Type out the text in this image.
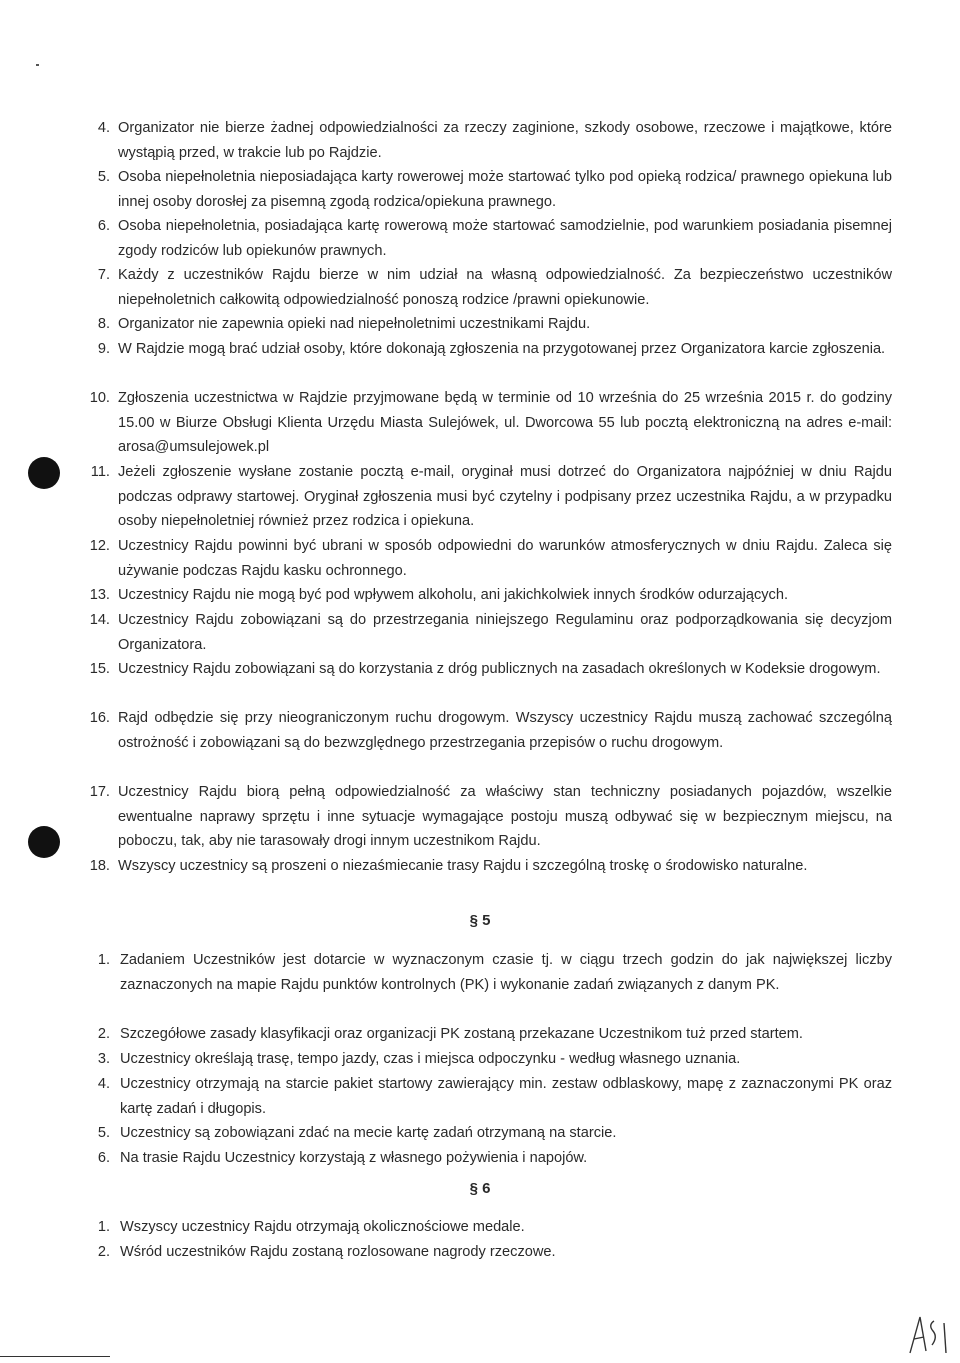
4. Organizator nie bierze żadnej odpowiedzialności za rzeczy zaginione, szkody osobowe, rzeczowe i majątkowe, które wystąpią przed, w trakcie lub po Rajdzie.
5. Osoba niepełnoletnia nieposiadająca karty rowerowej może startować tylko pod opieką rodzica/ prawnego opiekuna lub innej osoby dorosłej za pisemną zgodą rodzica/opiekuna prawnego.
6. Osoba niepełnoletnia, posiadająca kartę rowerową może startować samodzielnie, pod warunkiem posiadania pisemnej zgody rodziców lub opiekunów prawnych.
7. Każdy z uczestników Rajdu bierze w nim udział na własną odpowiedzialność. Za bezpieczeństwo uczestników niepełnoletnich całkowitą odpowiedzialność ponoszą rodzice /prawni opiekunowie.
8. Organizator nie zapewnia opieki nad niepełnoletnimi uczestnikami Rajdu.
9. W Rajdzie mogą brać udział osoby, które dokonają zgłoszenia na przygotowanej przez Organizatora karcie zgłoszenia.
10. Zgłoszenia uczestnictwa w Rajdzie przyjmowane będą w terminie od 10 września do 25 września 2015 r. do godziny 15.00 w Biurze Obsługi Klienta Urzędu Miasta Sulejówek, ul. Dworcowa 55 lub pocztą elektroniczną na adres e-mail: arosa@umsulejowek.pl
11. Jeżeli zgłoszenie wysłane zostanie pocztą e-mail, oryginał musi dotrzeć do Organizatora najpóźniej w dniu Rajdu podczas odprawy startowej. Oryginał zgłoszenia musi być czytelny i podpisany przez uczestnika Rajdu, a w przypadku osoby niepełnoletniej również przez rodzica i opiekuna.
12. Uczestnicy Rajdu powinni być ubrani w sposób odpowiedni do warunków atmosferycznych w dniu Rajdu. Zaleca się używanie podczas Rajdu kasku ochronnego.
13. Uczestnicy Rajdu nie mogą być pod wpływem alkoholu, ani jakichkolwiek innych środków odurzających.
14. Uczestnicy Rajdu zobowiązani są do przestrzegania niniejszego Regulaminu oraz podporządkowania się decyzjom Organizatora.
15. Uczestnicy Rajdu zobowiązani są do korzystania z dróg publicznych na zasadach określonych w Kodeksie drogowym.
16. Rajd odbędzie się przy nieograniczonym ruchu drogowym. Wszyscy uczestnicy Rajdu muszą zachować szczególną ostrożność i zobowiązani są do bezwzględnego przestrzegania przepisów o ruchu drogowym.
17. Uczestnicy Rajdu biorą pełną odpowiedzialność za właściwy stan techniczny posiadanych pojazdów, wszelkie ewentualne naprawy sprzętu i inne sytuacje wymagające postoju muszą odbywać się w bezpiecznym miejscu, na poboczu, tak, aby nie tarasowały drogi innym uczestnikom Rajdu.
18. Wszyscy uczestnicy są proszeni o niezaśmiecanie trasy Rajdu i szczególną troskę o środowisko naturalne.
§ 5
1. Zadaniem Uczestników jest dotarcie w wyznaczonym czasie tj. w ciągu trzech godzin do jak największej liczby zaznaczonych na mapie Rajdu punktów kontrolnych (PK) i wykonanie zadań związanych z danym PK.
2. Szczegółowe zasady klasyfikacji oraz organizacji PK zostaną przekazane Uczestnikom tuż przed startem.
3. Uczestnicy określają trasę, tempo jazdy, czas i miejsca odpoczynku - według własnego uznania.
4. Uczestnicy otrzymają na starcie pakiet startowy zawierający min. zestaw odblaskowy, mapę z zaznaczonymi PK oraz kartę zadań i długopis.
5. Uczestnicy są zobowiązani zdać na mecie kartę zadań otrzymaną na starcie.
6. Na trasie Rajdu Uczestnicy korzystają z własnego pożywienia i napojów.
§ 6
1. Wszyscy uczestnicy Rajdu otrzymają okolicznościowe medale.
2. Wśród uczestników Rajdu zostaną rozlosowane nagrody rzeczowe.
